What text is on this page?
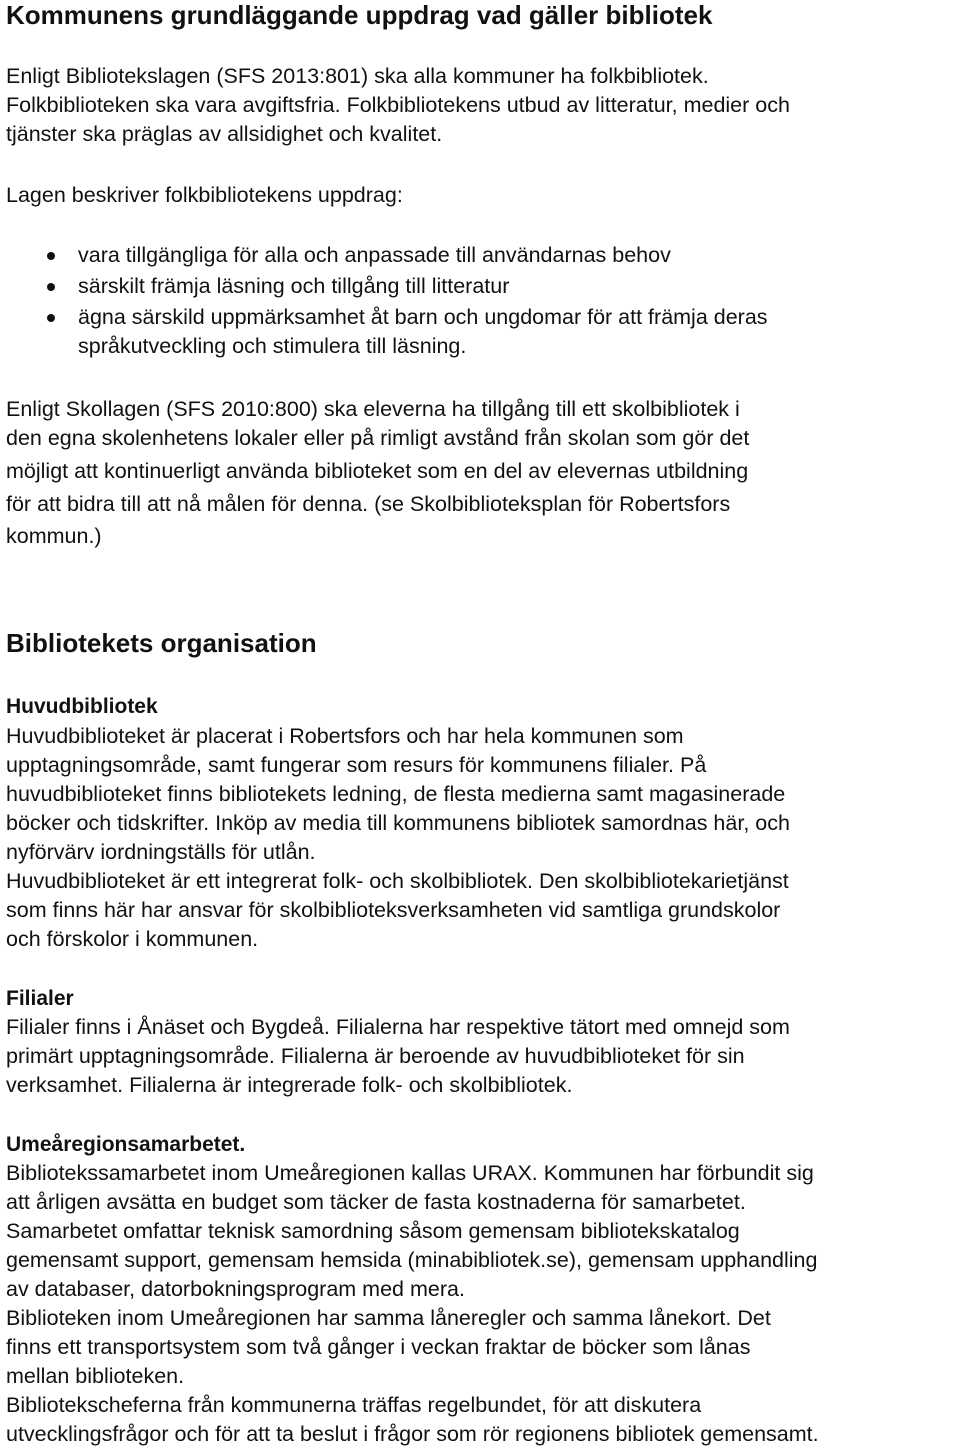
Kommunens grundläggande uppdrag vad gäller bibliotek
Enligt Bibliotekslagen (SFS 2013:801) ska alla kommuner ha folkbibliotek.
Folkbiblioteken ska vara avgiftsfria. Folkbibliotekens utbud av litteratur, medier och
tjänster ska präglas av allsidighet och kvalitet.
Lagen beskriver folkbibliotekens uppdrag:
vara tillgängliga för alla och anpassade till användarnas behov
särskilt främja läsning och tillgång till litteratur
ägna särskild uppmärksamhet åt barn och ungdomar för att främja deras
språkutveckling och stimulera till läsning.
Enligt Skollagen (SFS 2010:800) ska eleverna ha tillgång till ett skolbibliotek i
den egna skolenhetens lokaler eller på rimligt avstånd från skolan som gör det
möjligt att kontinuerligt använda biblioteket som en del av elevernas utbildning
för att bidra till att nå målen för denna. (se Skolbiblioteksplan för Robertsfors
kommun.)
Bibliotekets organisation
Huvudbibliotek
Huvudbiblioteket är placerat i Robertsfors och har hela kommunen som
upptagningsområde, samt fungerar som resurs för kommunens filialer. På
huvudbiblioteket finns bibliotekets ledning, de flesta medierna samt magasinerade
böcker och tidskrifter. Inköp av media till kommunens bibliotek samordnas här, och
nyförvärv iordningställs för utlån.
Huvudbiblioteket är ett integrerat folk- och skolbibliotek. Den skolbibliotekarietjänst
som finns här har ansvar för skolbiblioteksverksamheten vid samtliga grundskolor
och förskolor i kommunen.
Filialer
Filialer finns i Ånäset och Bygdeå. Filialerna har respektive tätort med omnejd som
primärt upptagningsområde. Filialerna är beroende av huvudbiblioteket för sin
verksamhet. Filialerna är integrerade folk- och skolbibliotek.
Umeåregionsamarbetet.
Bibliotekssamarbetet inom Umeåregionen kallas URAX. Kommunen har förbundit sig
att årligen avsätta en budget som täcker de fasta kostnaderna för samarbetet.
Samarbetet omfattar teknisk samordning såsom gemensam bibliotekskatalog
gemensamt support, gemensam hemsida (minabibliotek.se), gemensam upphandling
av databaser, datorbokningsprogram med mera.
Biblioteken inom Umeåregionen har samma låneregler och samma lånekort. Det
finns ett transportsystem som två gånger i veckan fraktar de böcker som lånas
mellan biblioteken.
Bibliotekscheferna från kommunerna träffas regelbundet, för att diskutera
utvecklingsfrågor och för att ta beslut i frågor som rör regionens bibliotek gemensamt.
